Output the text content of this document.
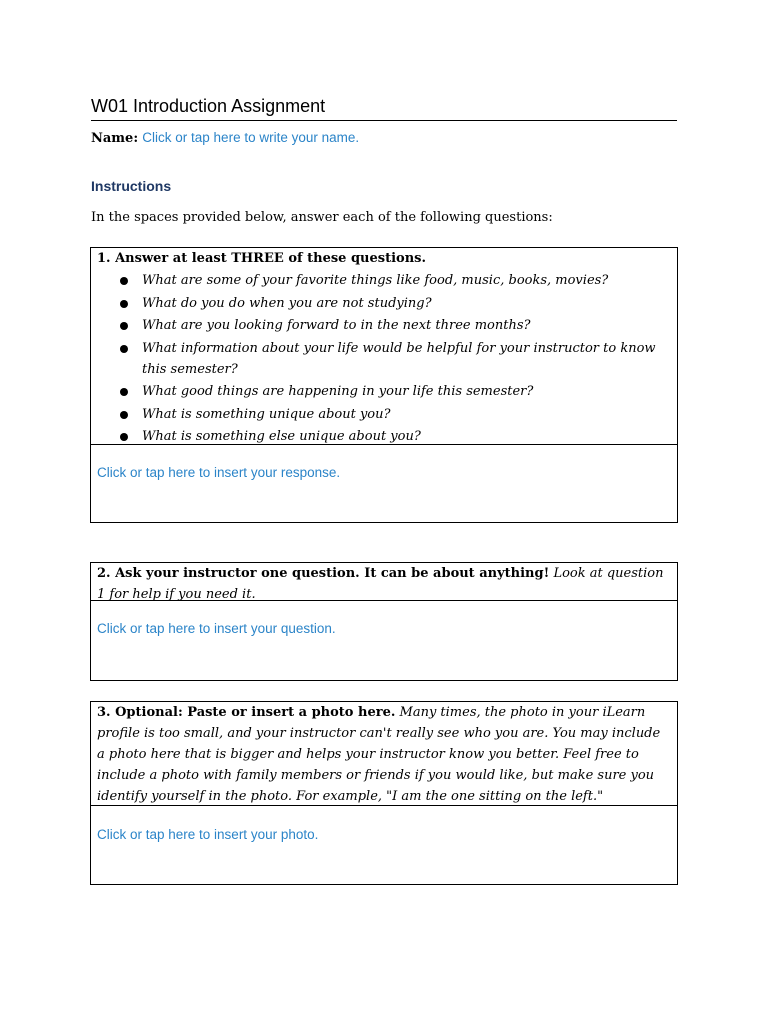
W01 Introduction Assignment
Name: Click or tap here to write your name.
Instructions
In the spaces provided below, answer each of the following questions:
1. Answer at least THREE of these questions.
What are some of your favorite things like food, music, books, movies?
What do you do when you are not studying?
What are you looking forward to in the next three months?
What information about your life would be helpful for your instructor to know this semester?
What good things are happening in your life this semester?
What is something unique about you?
What is something else unique about you?
Click or tap here to insert your response.
2. Ask your instructor one question. It can be about anything! Look at question 1 for help if you need it.
Click or tap here to insert your question.
3. Optional: Paste or insert a photo here. Many times, the photo in your iLearn profile is too small, and your instructor can't really see who you are. You may include a photo here that is bigger and helps your instructor know you better. Feel free to include a photo with family members or friends if you would like, but make sure you identify yourself in the photo. For example, "I am the one sitting on the left."
Click or tap here to insert your photo.
